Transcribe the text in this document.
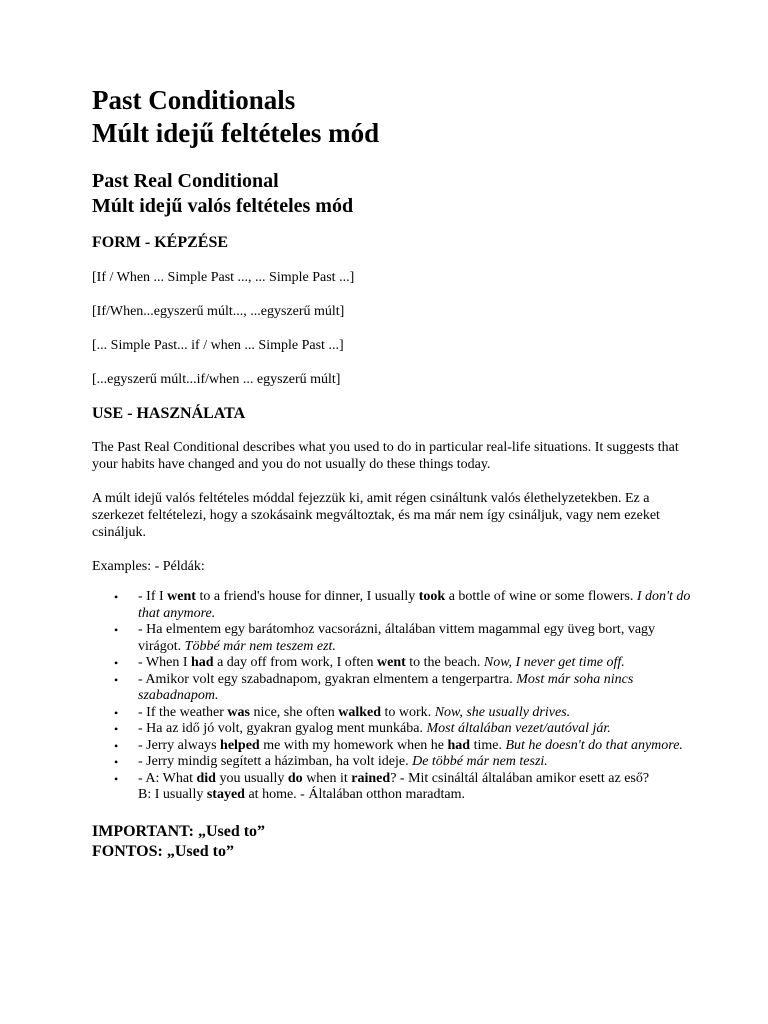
Past Conditionals
Múlt idejű feltételes mód
Past Real Conditional
Múlt idejű valós feltételes mód
FORM - KÉPZÉSE

[If / When ... Simple Past ..., ... Simple Past ...]

[If/When...egyszerű múlt..., ...egyszerű múlt]

[... Simple Past... if / when ... Simple Past ...]

[...egyszerű múlt...if/when ... egyszerű múlt]

USE - HASZNÁLATA

The Past Real Conditional describes what you used to do in particular real-life situations. It suggests that your habits have changed and you do not usually do these things today.

A múlt idejű valós feltételes móddal fejezzük ki, amit régen csináltunk valós élethelyzetekben. Ez a szerkezet feltételezi, hogy a szokásaink megváltoztak, és ma már nem így csináljuk, vagy nem ezeket csináljuk.

Examples: - Példák:

• - If I went to a friend's house for dinner, I usually took a bottle of wine or some flowers. I don't do that anymore.
• - Ha elmentem egy barátomhoz vacsorázni, általában vittem magammal egy üveg bort, vagy virágot. Többé már nem teszem ezt.
• - When I had a day off from work, I often went to the beach. Now, I never get time off.
• - Amikor volt egy szabadnapom, gyakran elmentem a tengerpartra. Most már soha nincs szabadnapom.
• - If the weather was nice, she often walked to work. Now, she usually drives.
• - Ha az idő jó volt, gyakran gyalog ment munkába. Most általában vezet/autóval jár.
• - Jerry always helped me with my homework when he had time. But he doesn't do that anymore.
• - Jerry mindig segített a házimban, ha volt ideje. De többé már nem teszi.
• - A: What did you usually do when it rained? - Mit csináltál általában amikor esett az eső?
B: I usually stayed at home. - Általában otthon maradtam.
IMPORTANT: „Used to”
FONTOS: „Used to”
